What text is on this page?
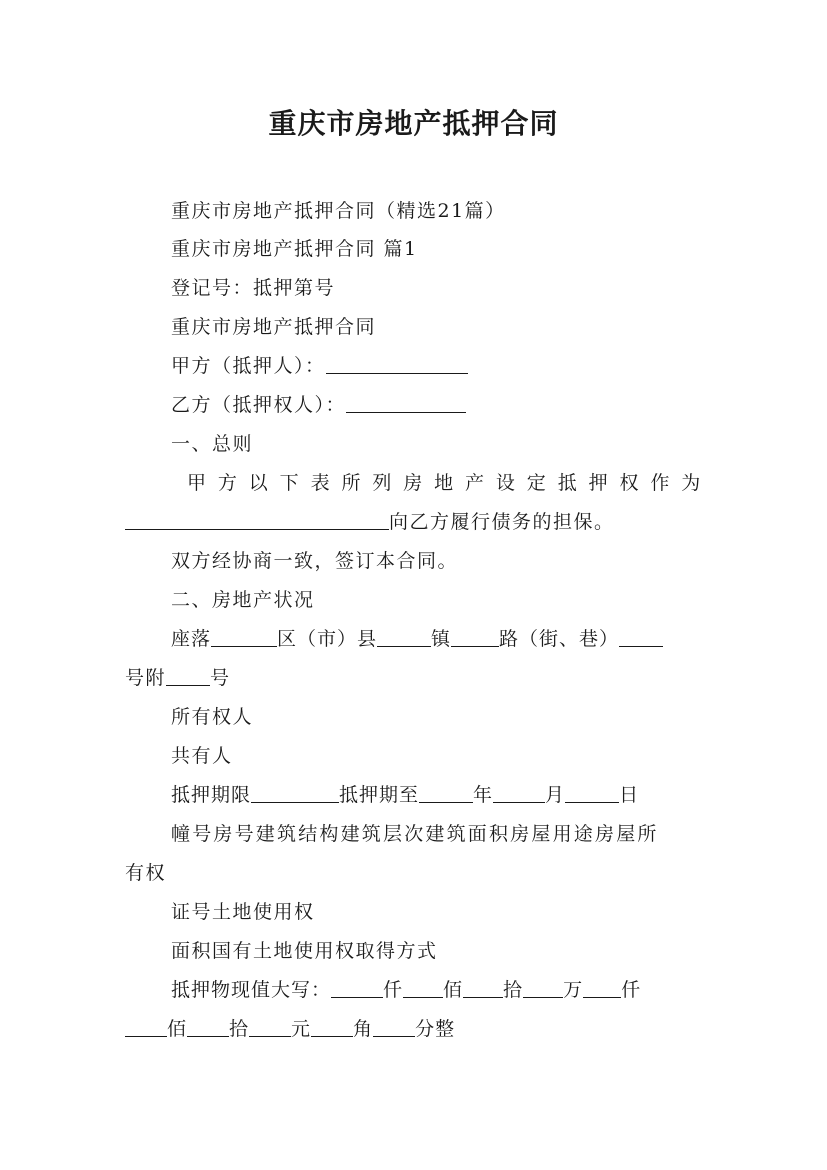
重庆市房地产抵押合同
重庆市房地产抵押合同（精选21篇）
重庆市房地产抵押合同 篇1
登记号：抵押第号
重庆市房地产抵押合同
甲方（抵押人）：
乙方（抵押权人）：
一、总则
甲 方 以 下 表 所 列 房 地 产 设 定 抵 押 权 作 为
向乙方履行债务的担保。
双方经协商一致，签订本合同。
二、房地产状况
座落	区（市）县	镇	路（街、巷）
号附 号
所有权人
共有人
抵押期限	抵押期至	年	月	日
幢号房号建筑结构建筑层次建筑面积房屋用途房屋所
有权
证号土地使用权
面积国有土地使用权取得方式
抵押物现值大写：	仟 佰 拾 万 仟
佰 拾 元 角 分整
